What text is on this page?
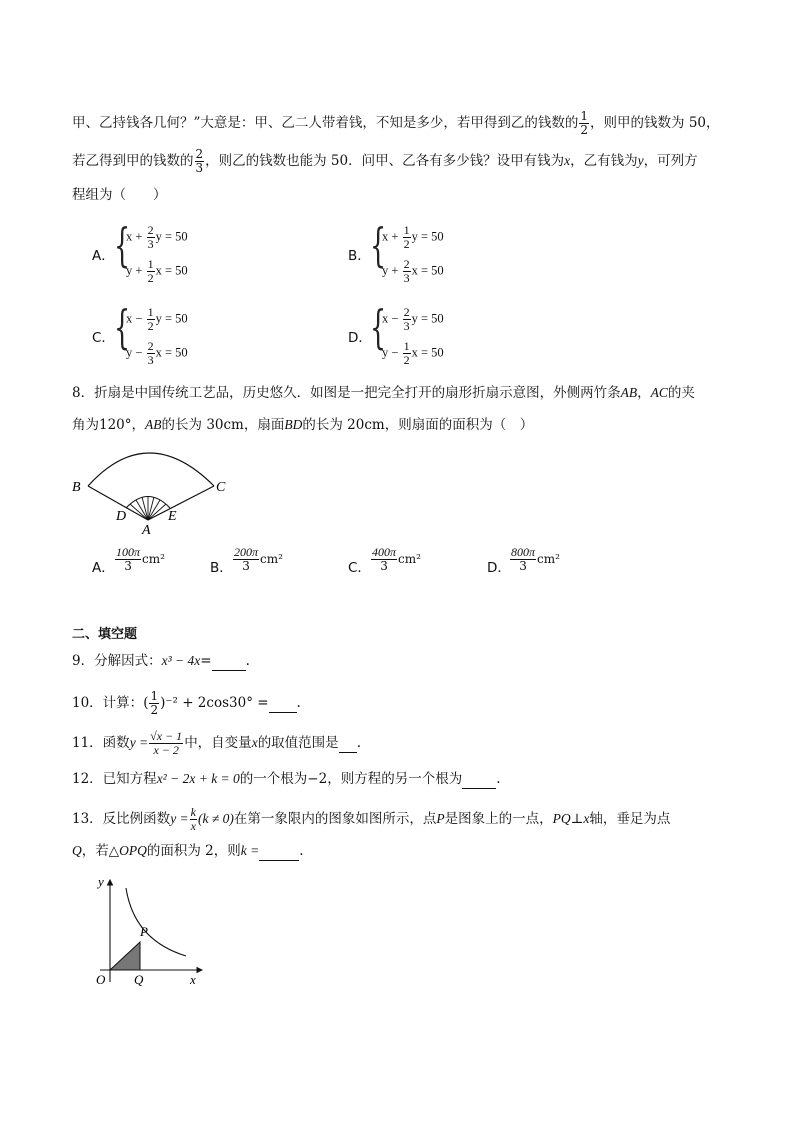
甲、乙持钱各几何？”大意是：甲、乙二人带着钱，不知是多少，若甲得到乙的钱数的 $\frac{1}{2}$ ，则甲的钱数为 50，
若乙得到甲的钱数的 $\frac{2}{3}$ ，则乙的钱数也能为 50．问甲、乙各有多少钱？设甲有钱为x，乙有钱为y，可列方
程组为（　　）
A． {
$x + \frac{2}{3}$ y = 50
$y + \frac{1}{2}$ x = 50
B． {
$x + \frac{1}{2}$ y = 50
$y + \frac{2}{3}$ x = 50
C． {
$x - \frac{1}{2}$ y = 50
$y - \frac{2}{3}$ x = 50
D．
{
$x - \frac{2}{3}$ y = 50
$y - \frac{1}{2}$ x = 50
8．折扇是中国传统工艺品，历史悠久．如图是一把完全打开的扇形折扇示意图，外侧两竹条AB，AC的夹
角为120°，AB的长为 30cm，扇面BD的长为 20cm，则扇面的面积为（　）
B	C
D
A
E
A． $\frac{100\pi}{3} cm^2$
B． $\frac{200\pi}{3} cm^2$
C． $\frac{400\pi}{3} cm^2$
D． $\frac{800\pi}{3} cm^2$
二、填空题
9．分解因式：x³ − 4x=	.
10．计算：( $\frac{1}{2} )^{-2} + 2\cos 30^\circ$ = .
11．函数$y = \frac{√x - 1}{x - 2}$ 中，自变量x的取值范围是 .
12．已知方程x² − 2x + k = 0的一个根为−2，则方程的另一个根为	.
13．反比例函数$y = \frac{k}{x} (k \ne 0)$在第一象限内的图象如图所示，点P是图象上的一点，PQ⊥x轴，垂足为点
Q，若△OPQ的面积为 2，则k =	.
y
x
O Q
P
